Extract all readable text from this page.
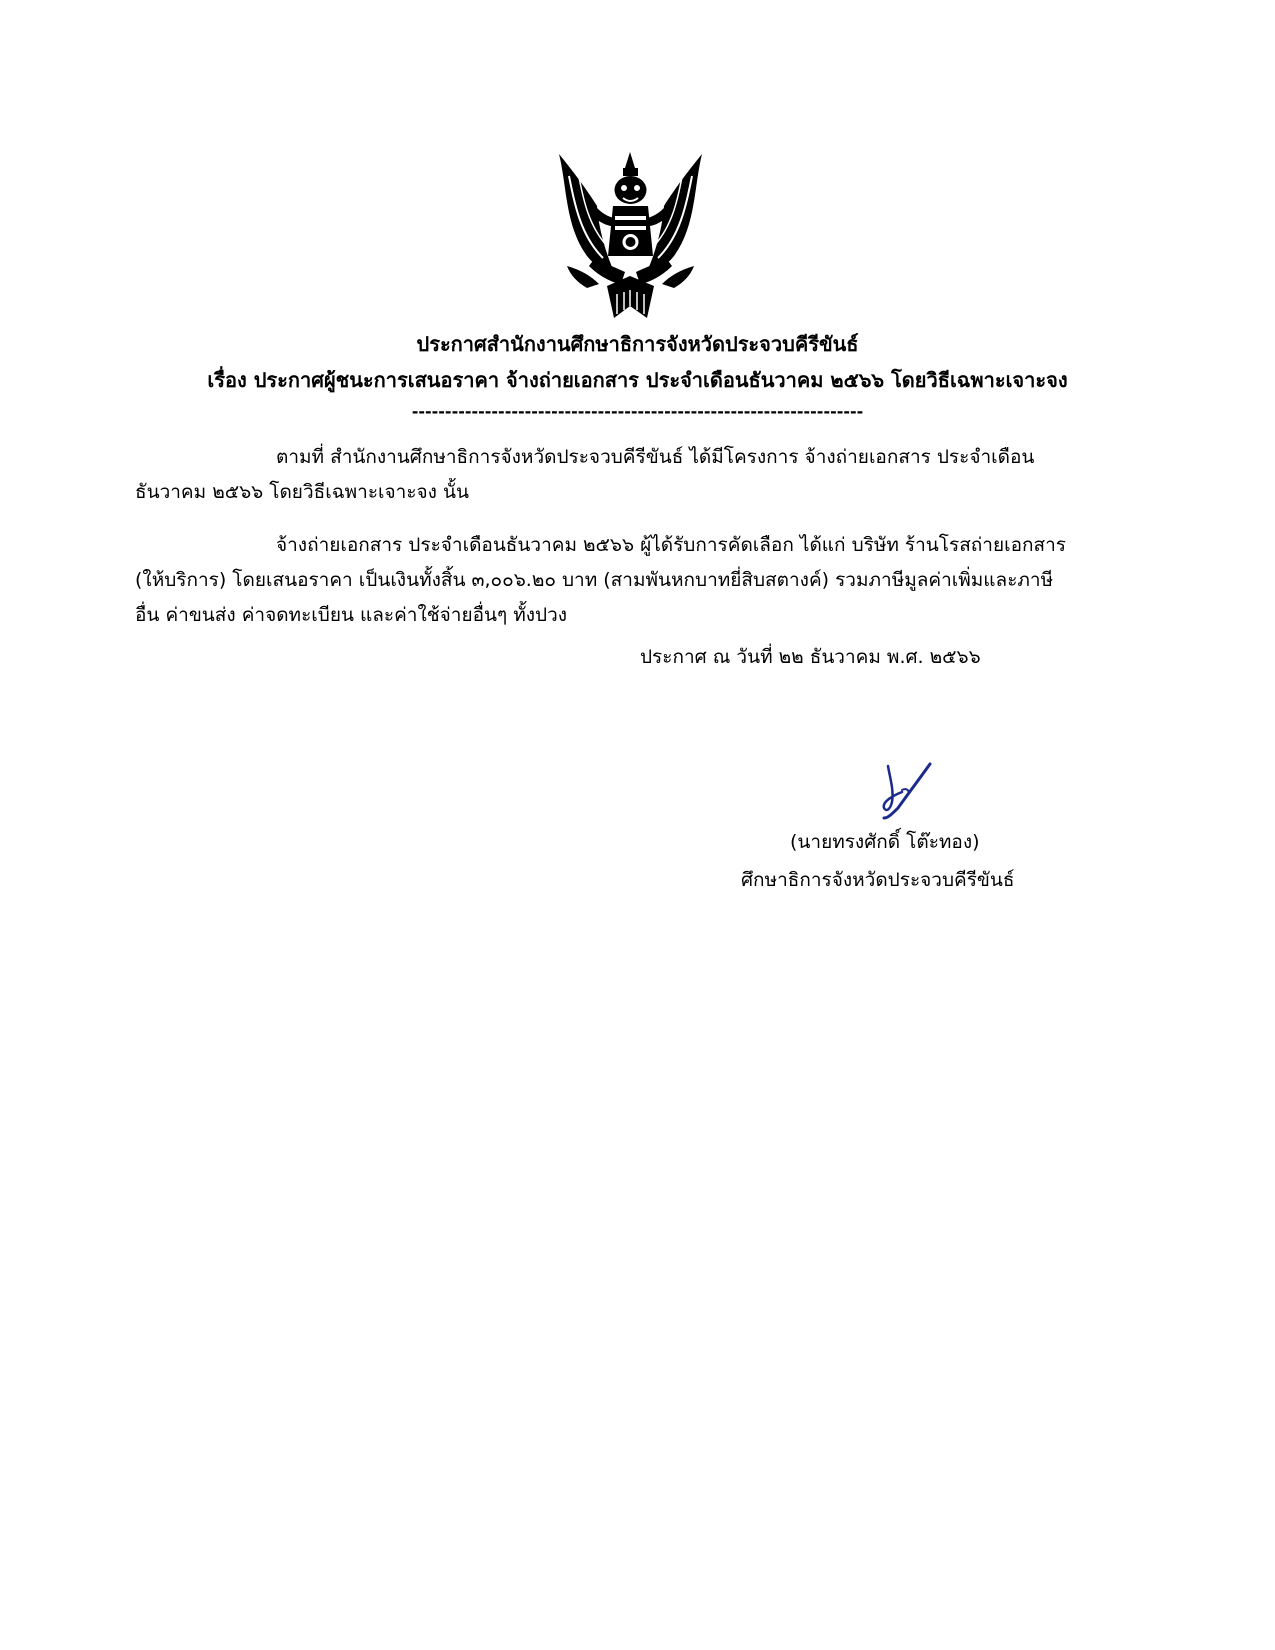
ประกาศสำนักงานศึกษาธิการจังหวัดประจวบคีรีขันธ์
เรื่อง ประกาศผู้ชนะการเสนอราคา จ้างถ่ายเอกสาร ประจำเดือนธันวาคม ๒๕๖๖ โดยวิธีเฉพาะเจาะจง
--------------------------------------------------------------------
ตามที่ สำนักงานศึกษาธิการจังหวัดประจวบคีรีขันธ์ ได้มีโครงการ จ้างถ่ายเอกสาร ประจำเดือน
ธันวาคม ๒๕๖๖ โดยวิธีเฉพาะเจาะจง นั้น
จ้างถ่ายเอกสาร ประจำเดือนธันวาคม ๒๕๖๖ ผู้ได้รับการคัดเลือก ได้แก่ บริษัท ร้านโรสถ่ายเอกสาร
(ให้บริการ) โดยเสนอราคา เป็นเงินทั้งสิ้น ๓,๐๐๖.๒๐ บาท (สามพันหกบาทยี่สิบสตางค์) รวมภาษีมูลค่าเพิ่มและภาษี
อื่น ค่าขนส่ง ค่าจดทะเบียน และค่าใช้จ่ายอื่นๆ ทั้งปวง
ประกาศ ณ วันที่ ๒๒ ธันวาคม พ.ศ. ๒๕๖๖
(นายทรงศักดิ์ โต๊ะทอง)
ศึกษาธิการจังหวัดประจวบคีรีขันธ์
